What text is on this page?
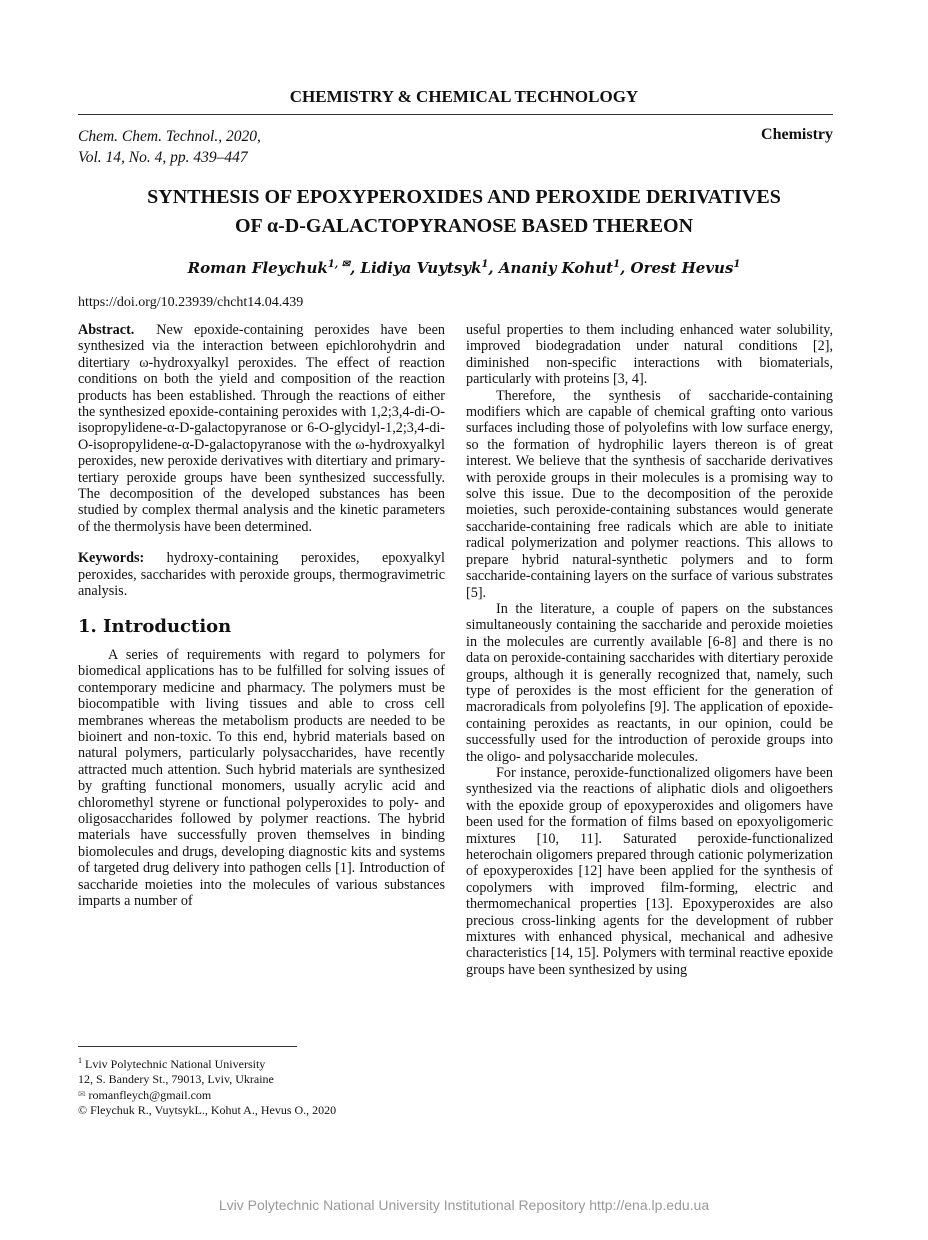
CHEMISTRY & CHEMICAL TECHNOLOGY
Chem. Chem. Technol., 2020,
Vol. 14, No. 4, pp. 439–447
Chemistry
SYNTHESIS OF EPOXYPEROXIDES AND PEROXIDE DERIVATIVES
OF α-D-GALACTOPYRANOSE BASED THEREON
Roman Fleychuk$^{1, ✉}$, Lidiya Vuytsyk$^1$, Ananiy Kohut$^1$, Orest Hevus$^1$
https://doi.org/10.23939/chcht14.04.439

Abstract. New epoxide-containing peroxides have been synthesized via the interaction between epichlorohydrin and ditertiary ω-hydroxyalkyl peroxides. The effect of reaction conditions on both the yield and composition of the reaction products has been established. Through the reactions of either the synthesized epoxide-containing peroxides with 1,2;3,4-di-O-isopropylidene-α-D-galactopyranose or 6-O-glycidyl-1,2;3,4-di-O-isopropylidene-α-D-galactopyranose with the ω-hydroxyalkyl peroxides, new peroxide derivatives with ditertiary and primary-tertiary peroxide groups have been synthesized successfully. The decomposition of the developed substances has been studied by complex thermal analysis and the kinetic parameters of the thermolysis have been determined.

Keywords: hydroxy-containing peroxides, epoxyalkyl peroxides, saccharides with peroxide groups, thermogravimetric analysis.

1. Introduction

A series of requirements with regard to polymers for biomedical applications has to be fulfilled for solving issues of contemporary medicine and pharmacy. The polymers must be biocompatible with living tissues and able to cross cell membranes whereas the metabolism products are needed to be bioinert and non-toxic. To this end, hybrid materials based on natural polymers, particularly polysaccharides, have recently attracted much attention. Such hybrid materials are synthesized by grafting functional monomers, usually acrylic acid and chloromethyl styrene or functional polyperoxides to poly- and oligosaccharides followed by polymer reactions. The hybrid materials have successfully proven themselves in binding biomolecules and drugs, developing diagnostic kits and systems of targeted drug delivery into pathogen cells [1]. Introduction of saccharide moieties into the molecules of various substances imparts a number of

useful properties to them including enhanced water solubility, improved biodegradation under natural conditions [2], diminished non-specific interactions with biomaterials, particularly with proteins [3, 4].

Therefore, the synthesis of saccharide-containing modifiers which are capable of chemical grafting onto various surfaces including those of polyolefins with low surface energy, so the formation of hydrophilic layers thereon is of great interest. We believe that the synthesis of saccharide derivatives with peroxide groups in their molecules is a promising way to solve this issue. Due to the decomposition of the peroxide moieties, such peroxide-containing substances would generate saccharide-containing free radicals which are able to initiate radical polymerization and polymer reactions. This allows to prepare hybrid natural-synthetic polymers and to form saccharide-containing layers on the surface of various substrates [5].

In the literature, a couple of papers on the substances simultaneously containing the saccharide and peroxide moieties in the molecules are currently available [6-8] and there is no data on peroxide-containing saccharides with ditertiary peroxide groups, although it is generally recognized that, namely, such type of peroxides is the most efficient for the generation of macroradicals from polyolefins [9]. The application of epoxide-containing peroxides as reactants, in our opinion, could be successfully used for the introduction of peroxide groups into the oligo- and polysaccharide molecules.

For instance, peroxide-functionalized oligomers have been synthesized via the reactions of aliphatic diols and oligoethers with the epoxide group of epoxyperoxides and oligomers have been used for the formation of films based on epoxyoligomeric mixtures [10, 11]. Saturated peroxide-functionalized heterochain oligomers prepared through cationic polymerization of epoxyperoxides [12] have been applied for the synthesis of copolymers with improved film-forming, electric and thermomechanical properties [13]. Epoxyperoxides are also precious cross-linking agents for the development of rubber mixtures with enhanced physical, mechanical and adhesive characteristics [14, 15]. Polymers with terminal reactive epoxide groups have been synthesized by using

$^1$ Lviv Polytechnic National University
12, S. Bandery St., 79013, Lviv, Ukraine
✉ romanfleych@gmail.com
© Fleychuk R., VuytsykL., Kohut A., Hevus O., 2020
Lviv Polytechnic National University Institutional Repository http://ena.lp.edu.ua
